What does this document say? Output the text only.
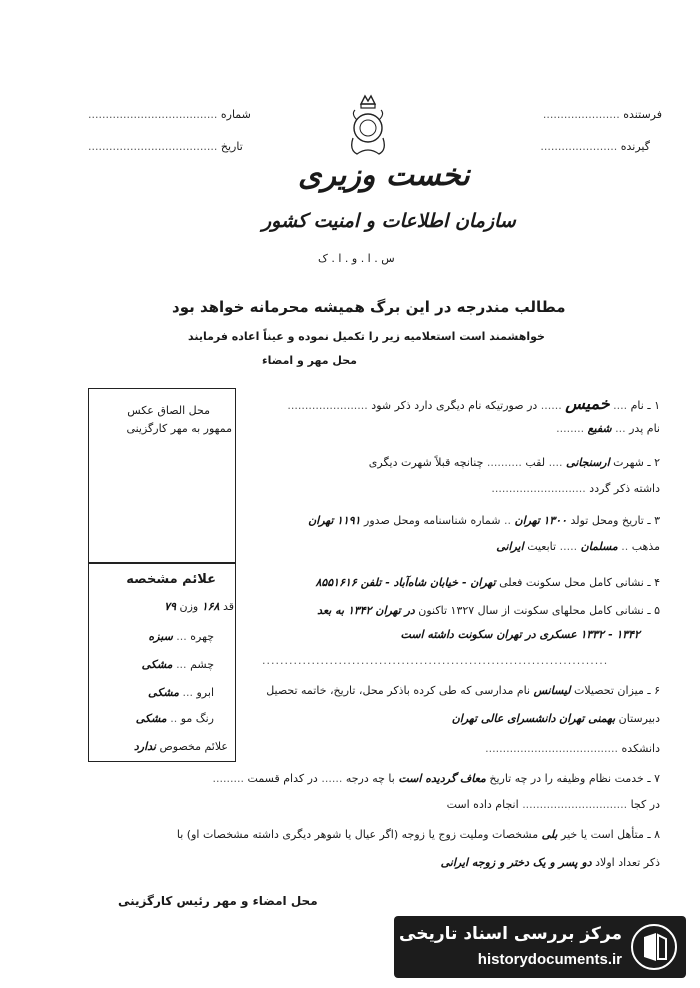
فرستنده ......................
گیرنده ......................
شماره .....................................
تاریخ .....................................
نخست وزیری
سازمان اطلاعات و امنیت کشور
س . ا . و . ا . ک
مطالب مندرجه در این برگ همیشه محرمانه خواهد بود
خواهشمند است استعلامیه زیر را تکمیل نموده و عیناً اعاده فرمایند
محل مهر و امضاء
محل الصاق عکس
ممهور به مهر کارگزینی
علائم مشخصه
قد ۱۶۸ وزن ۷۹
چهره ... سبزه
چشم ... مشکی
ابرو ... مشکی
رنگ مو .. مشکی
علائم مخصوص ندارد
۱ ـ نام .... خمیس ...... در صورتیکه نام دیگری دارد ذکر شود .......................
نام پدر ... شفیع ........
۲ ـ شهرت ارسنجانی .... لقب .......... چنانچه قبلاً شهرت دیگری
داشته ذکر گردد ...........................
۳ ـ تاریخ ومحل تولد ۱۳۰۰ تهران .. شماره شناسنامه ومحل صدور ۱۱۹۱ تهران
مذهب .. مسلمان ..... تابعیت ایرانی
۴ ـ نشانی کامل محل سکونت فعلی تهران - خیابان شاه‌آباد - تلفن ۸۵۵۱۶۱۶
۵ ـ نشانی کامل محلهای سکونت از سال ۱۳۲۷ تاکنون در تهران ۱۳۴۲ به بعد
۱۳۴۲ - ۱۳۳۲ عسکری در تهران سکونت داشته است
.............................................................................
۶ ـ میزان تحصیلات لیسانس نام مدارسی که طی کرده باذکر محل، تاریخ، خاتمه تحصیل
دبیرستان بهمنی تهران دانشسرای عالی تهران
دانشکده ......................................
۷ ـ خدمت نظام وظیفه را در چه تاریخ معاف گردیده است با چه درجه ...... در کدام قسمت .........
در کجا .............................. انجام داده است
۸ ـ متأهل است یا خیر بلی مشخصات وملیت زوج یا زوجه (اگر عیال یا شوهر دیگری داشته مشخصات او) با
ذکر تعداد اولاد دو پسر و یک دختر و زوجه ایرانی
محل امضاء و مهر رئیس کارگزینی
مرکز بررسی اسناد تاریخی
historydocuments.ir
